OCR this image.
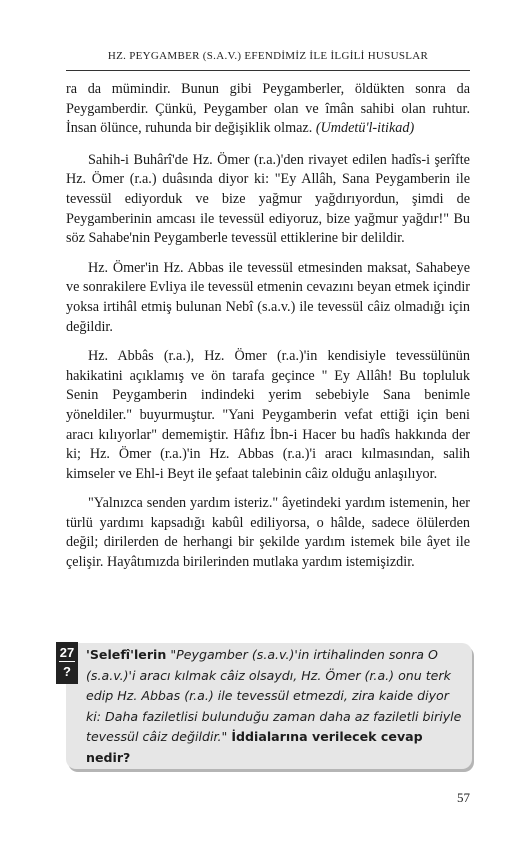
HZ. PEYGAMBER (S.A.V.) EFENDİMİZ İLE İLGİLİ HUSUSLAR

ra da mümindir. Bunun gibi Peygamberler, öldükten sonra da Peygamberdir. Çünkü, Peygamber olan ve îmân sahibi olan ruhtur. İnsan ölünce, ruhunda bir değişiklik olmaz. (Umdetü'l-itikad)

Sahih-i Buhârî'de Hz. Ömer (r.a.)'den rivayet edilen hadîs-i şerîfte Hz. Ömer (r.a.) duâsında diyor ki: "Ey Allâh, Sana Peygamberin ile tevessül ediyorduk ve bize yağmur yağdırıyordun, şimdi de Peygamberinin amcası ile tevessül ediyoruz, bize yağmur yağdır!" Bu söz Sahabe'nin Peygamberle tevessül ettiklerine bir delildir.

Hz. Ömer'in Hz. Abbas ile tevessül etmesinden maksat, Sahabeye ve sonrakilere Evliya ile tevessül etmenin cevazını beyan etmek içindir yoksa irtihâl etmiş bulunan Nebî (s.a.v.) ile tevessül câiz olmadığı için değildir.

Hz. Abbâs (r.a.), Hz. Ömer (r.a.)'in kendisiyle tevessülünün hakikatini açıklamış ve ön tarafa geçince " Ey Allâh! Bu topluluk Senin Peygamberin indindeki yerim sebebiyle Sana benimle yöneldiler." buyurmuştur. "Yani Peygamberin vefat ettiği için beni aracı kılıyorlar" dememiştir. Hâfız İbn-i Hacer bu hadîs hakkında der ki; Hz. Ömer (r.a.)'in Hz. Abbas (r.a.)'i aracı kılmasından, salih kimseler ve Ehl-i Beyt ile şefaat talebinin câiz olduğu anlaşılıyor.

"Yalnızca senden yardım isteriz." âyetindeki yardım istemenin, her türlü yardımı kapsadığı kabûl ediliyorsa, o hâlde, sadece ölülerden değil; dirilerden de herhangi bir şekilde yardım istemek bile âyet ile çelişir. Hayâtımızda birilerinden mutlaka yardım istemişizdir.

27
?
'Selefî'lerin "Peygamber (s.a.v.)'in irtihalinden sonra O (s.a.v.)'i aracı kılmak câiz olsaydı, Hz. Ömer (r.a.) onu terk edip Hz. Abbas (r.a.) ile tevessül etmezdi, zira kaide diyor ki: Daha faziletlisi bulunduğu zaman daha az faziletli biriyle tevessül câiz değildir." İddialarına verilecek cevap nedir?
57
